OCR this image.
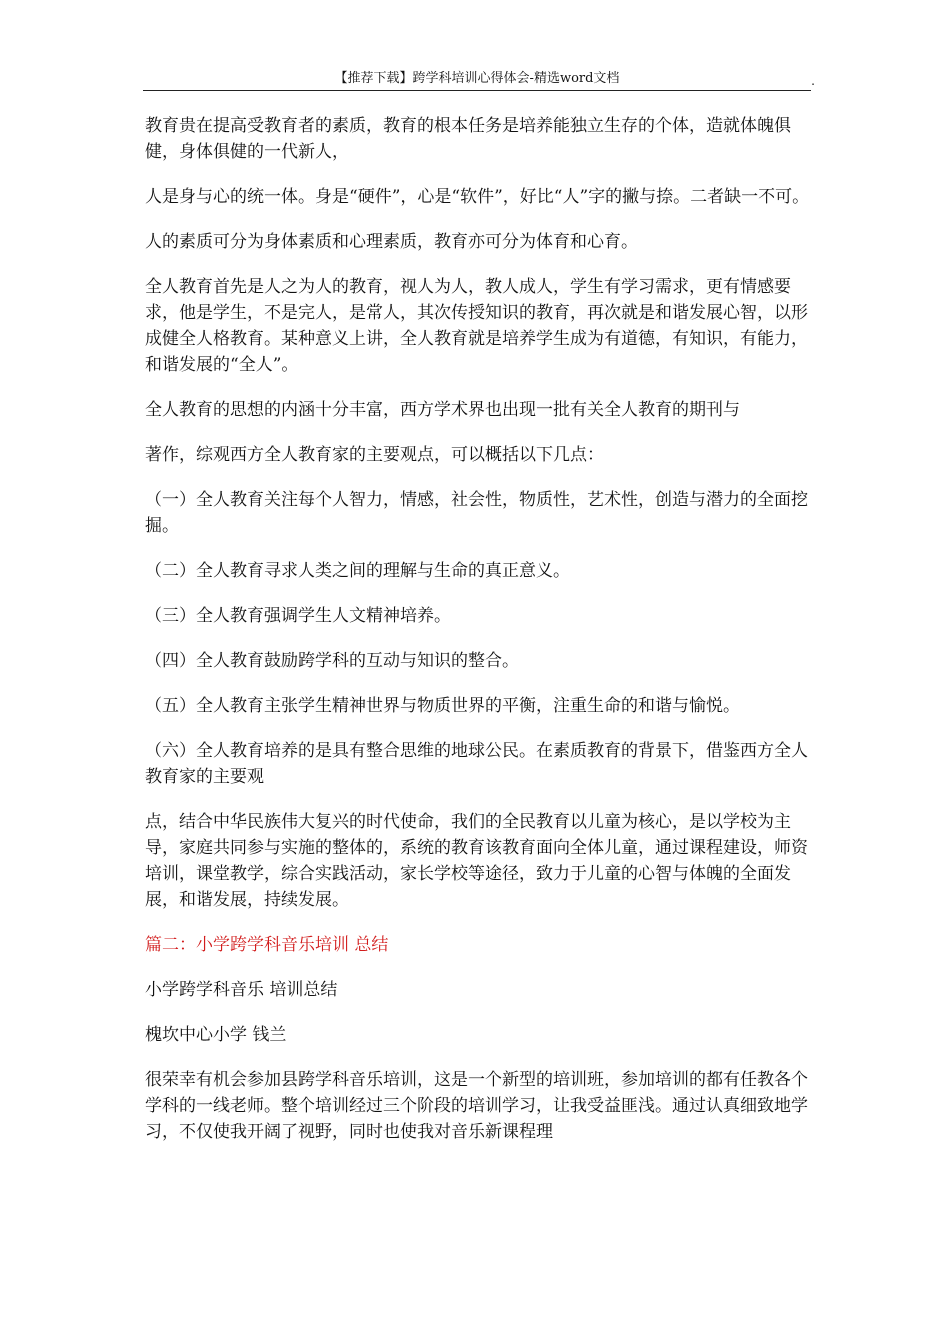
【推荐下载】跨学科培训心得体会-精选word文档	.

教育贵在提高受教育者的素质，教育的根本任务是培养能独立生存的个体，造就体魄俱健，身体俱健的一代新人，

人是身与心的统一体。身是“硬件”，心是“软件”，好比“人”字的撇与捺。二者缺一不可。

人的素质可分为身体素质和心理素质，教育亦可分为体育和心育。

全人教育首先是人之为人的教育，视人为人，教人成人，学生有学习需求，更有情感要求，他是学生，不是完人，是常人，其次传授知识的教育，再次就是和谐发展心智，以形成健全人格教育。某种意义上讲，全人教育就是培养学生成为有道德，有知识，有能力，和谐发展的“全人”。

全人教育的思想的内涵十分丰富，西方学术界也出现一批有关全人教育的期刊与

著作，综观西方全人教育家的主要观点，可以概括以下几点：

（一）全人教育关注每个人智力，情感，社会性，物质性，艺术性，创造与潜力的全面挖掘。

（二）全人教育寻求人类之间的理解与生命的真正意义。

（三）全人教育强调学生人文精神培养。

（四）全人教育鼓励跨学科的互动与知识的整合。

（五）全人教育主张学生精神世界与物质世界的平衡，注重生命的和谐与愉悦。

（六）全人教育培养的是具有整合思维的地球公民。在素质教育的背景下，借鉴西方全人教育家的主要观

点，结合中华民族伟大复兴的时代使命，我们的全民教育以儿童为核心，是以学校为主导，家庭共同参与实施的整体的，系统的教育该教育面向全体儿童，通过课程建设，师资培训，课堂教学，综合实践活动，家长学校等途径，致力于儿童的心智与体魄的全面发展，和谐发展，持续发展。

篇二：小学跨学科音乐培训 总结

小学跨学科音乐 培训总结

槐坎中心小学 钱兰

很荣幸有机会参加县跨学科音乐培训，这是一个新型的培训班，参加培训的都有任教各个学科的一线老师。整个培训经过三个阶段的培训学习，让我受益匪浅。通过认真细致地学习，不仅使我开阔了视野，同时也使我对音乐新课程理
